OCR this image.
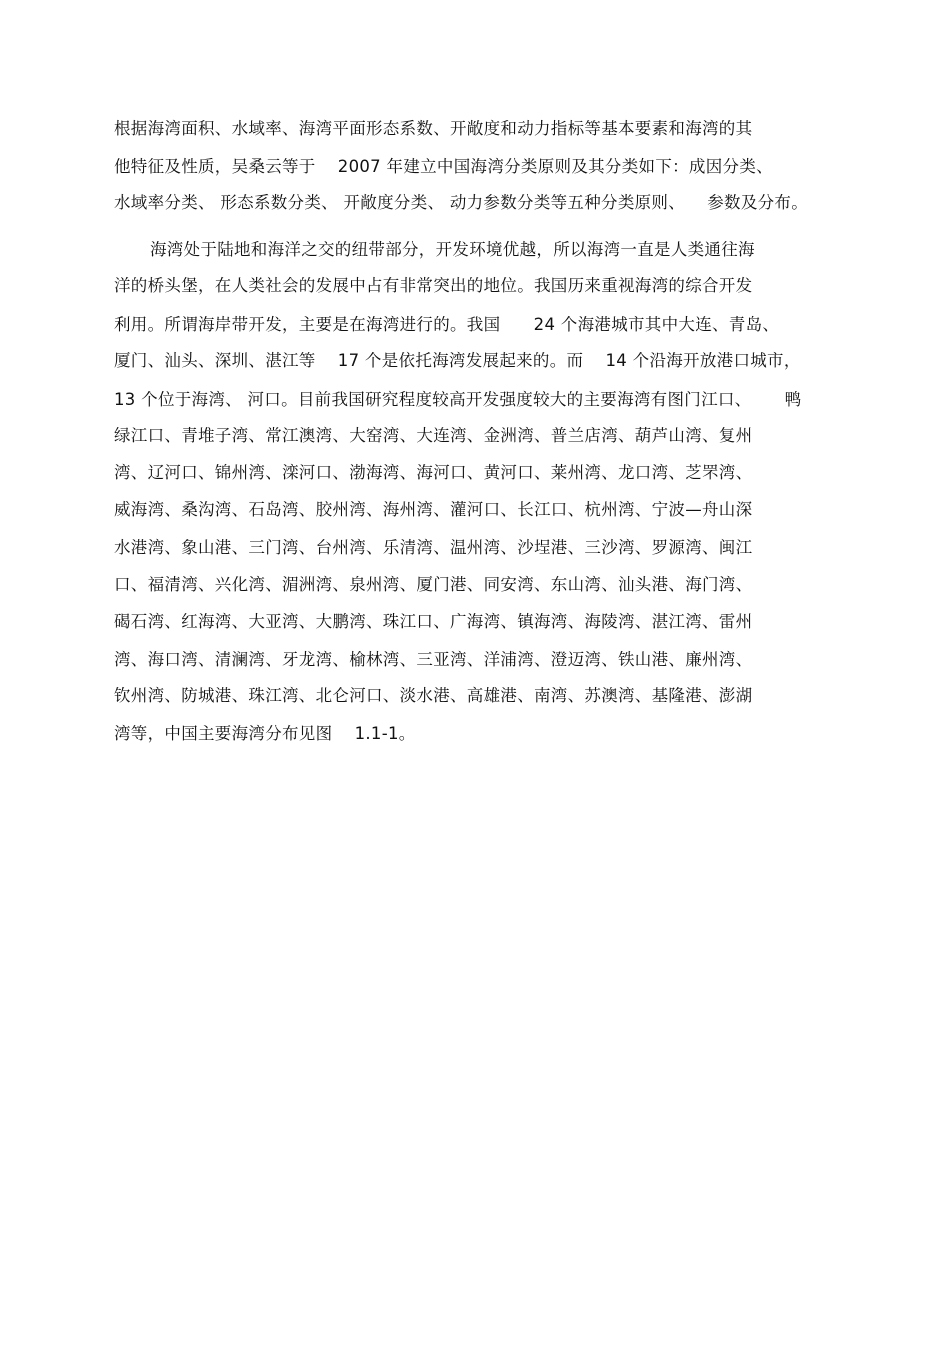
根据海湾面积、水域率、海湾平面形态系数、开敞度和动力指标等基本要素和海湾的其
他特征及性质，吴桑云等于    2007 年建立中国海湾分类原则及其分类如下：成因分类、
水域率分类、 形态系数分类、 开敞度分类、 动力参数分类等五种分类原则、    参数及分布。
海湾处于陆地和海洋之交的纽带部分，开发环境优越，所以海湾一直是人类通往海
洋的桥头堡，在人类社会的发展中占有非常突出的地位。我国历来重视海湾的综合开发
利用。所谓海岸带开发，主要是在海湾进行的。我国      24 个海港城市其中大连、青岛、
厦门、汕头、深圳、湛江等    17 个是依托海湾发展起来的。而    14 个沿海开放港口城市，
13 个位于海湾、 河口。目前我国研究程度较高开发强度较大的主要海湾有图门江口、      鸭
绿江口、青堆子湾、常江澳湾、大窑湾、大连湾、金洲湾、普兰店湾、葫芦山湾、复州
湾、辽河口、锦州湾、滦河口、渤海湾、海河口、黄河口、莱州湾、龙口湾、芝罘湾、
威海湾、桑沟湾、石岛湾、胶州湾、海州湾、灌河口、长江口、杭州湾、宁波—舟山深
水港湾、象山港、三门湾、台州湾、乐清湾、温州湾、沙埕港、三沙湾、罗源湾、闽江
口、福清湾、兴化湾、湄洲湾、泉州湾、厦门港、同安湾、东山湾、汕头港、海门湾、
碣石湾、红海湾、大亚湾、大鹏湾、珠江口、广海湾、镇海湾、海陵湾、湛江湾、雷州
湾、海口湾、清澜湾、牙龙湾、榆林湾、三亚湾、洋浦湾、澄迈湾、铁山港、廉州湾、
钦州湾、防城港、珠江湾、北仑河口、淡水港、高雄港、南湾、苏澳湾、基隆港、澎湖
湾等，中国主要海湾分布见图    1.1-1。
